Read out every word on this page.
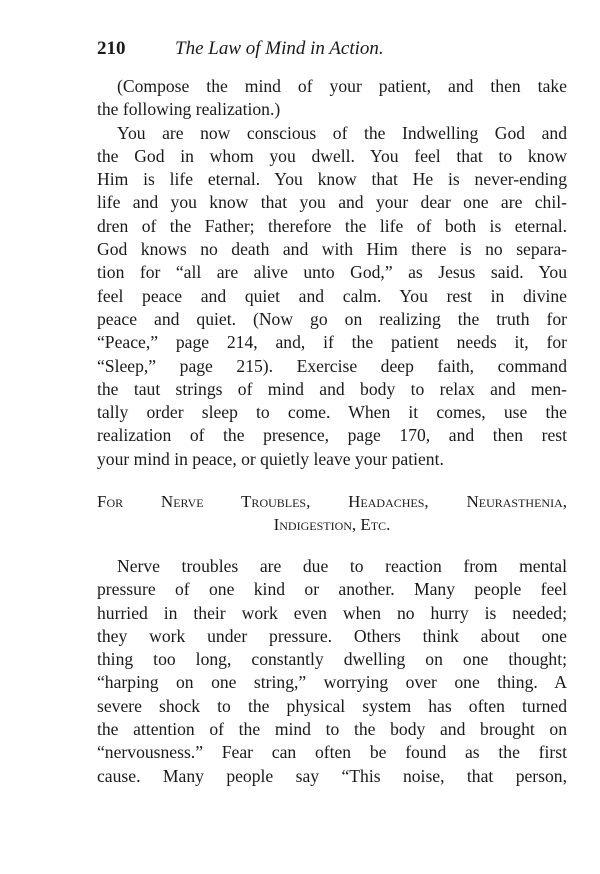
210	The Law of Mind in Action.
(Compose the mind of your patient, and then take
the following realization.)
You are now conscious of the Indwelling God and
the God in whom you dwell. You feel that to know
Him is life eternal. You know that He is never-ending
life and you know that you and your dear one are chil-
dren of the Father; therefore the life of both is eternal.
God knows no death and with Him there is no separa-
tion for “all are alive unto God,” as Jesus said. You
feel peace and quiet and calm. You rest in divine
peace and quiet. (Now go on realizing the truth for
“Peace,” page 214, and, if the patient needs it, for
“Sleep,” page 215). Exercise deep faith, command
the taut strings of mind and body to relax and men-
tally order sleep to come. When it comes, use the
realization of the presence, page 170, and then rest
your mind in peace, or quietly leave your patient.
For Nerve Troubles, Headaches, Neurasthenia,
Indigestion, Etc.
Nerve troubles are due to reaction from mental
pressure of one kind or another. Many people feel
hurried in their work even when no hurry is needed;
they work under pressure. Others think about one
thing too long, constantly dwelling on one thought;
“harping on one string,” worrying over one thing. A
severe shock to the physical system has often turned
the attention of the mind to the body and brought on
“nervousness.” Fear can often be found as the first
cause. Many people say “This noise, that person,
